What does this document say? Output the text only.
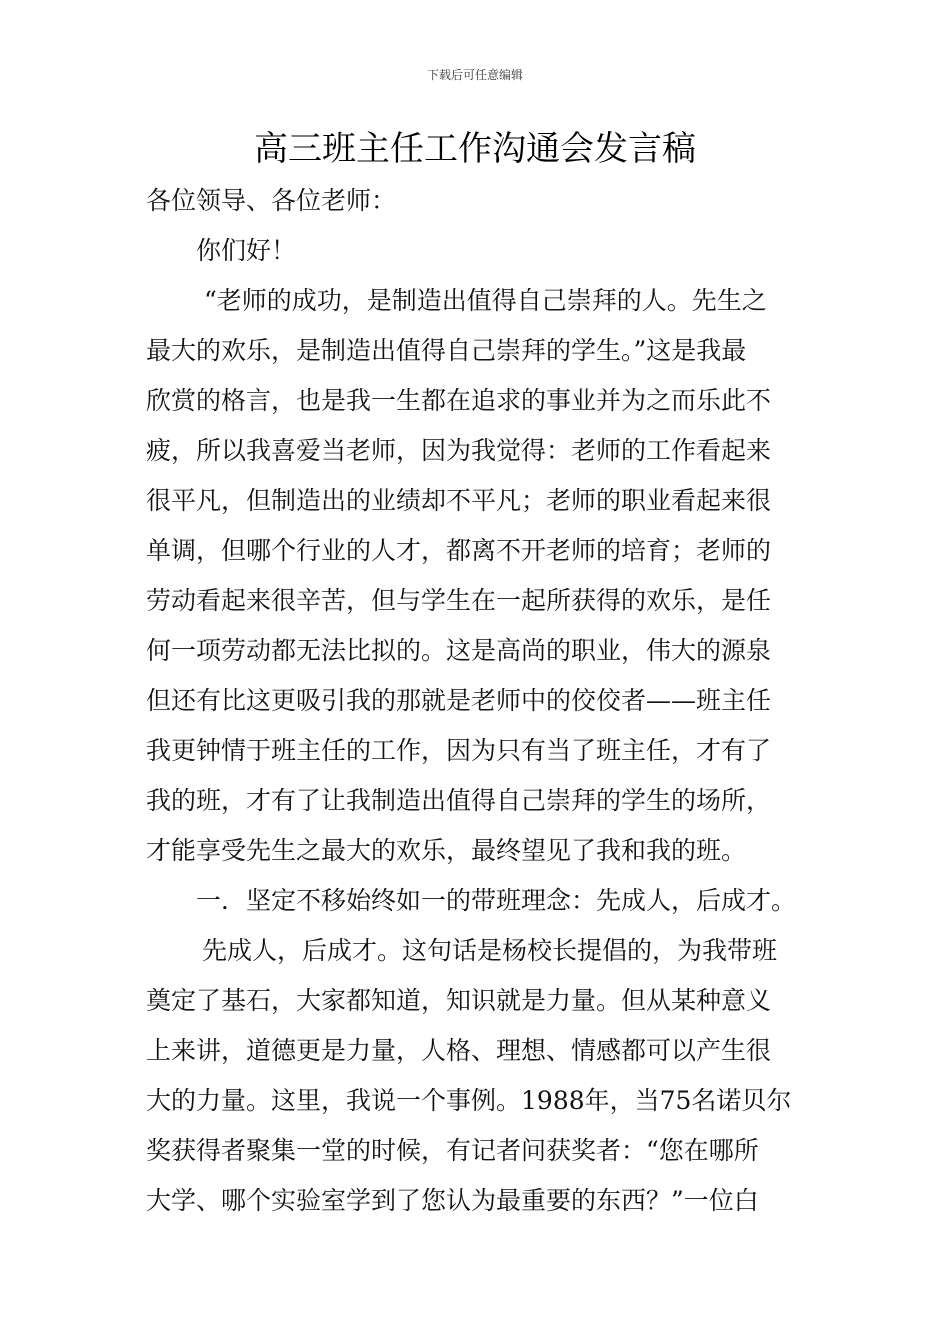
下载后可任意编辑
高三班主任工作沟通会发言稿
各位领导、各位老师：
你们好！
“老师的成功，是制造出值得自己崇拜的人。先生之
最大的欢乐，是制造出值得自己崇拜的学生。”这是我最
欣赏的格言，也是我一生都在追求的事业并为之而乐此不
疲，所以我喜爱当老师，因为我觉得：老师的工作看起来
很平凡，但制造出的业绩却不平凡；老师的职业看起来很
单调，但哪个行业的人才，都离不开老师的培育；老师的
劳动看起来很辛苦，但与学生在一起所获得的欢乐，是任
何一项劳动都无法比拟的。这是高尚的职业，伟大的源泉
但还有比这更吸引我的那就是老师中的佼佼者——班主任
我更钟情于班主任的工作，因为只有当了班主任，才有了
我的班，才有了让我制造出值得自己崇拜的学生的场所，
才能享受先生之最大的欢乐，最终望见了我和我的班。
一．坚定不移始终如一的带班理念：先成人，后成才。
先成人，后成才。这句话是杨校长提倡的，为我带班
奠定了基石，大家都知道，知识就是力量。但从某种意义
上来讲，道德更是力量，人格、理想、情感都可以产生很
大的力量。这里，我说一个事例。1988年，当75名诺贝尔
奖获得者聚集一堂的时候，有记者问获奖者：“您在哪所
大学、哪个实验室学到了您认为最重要的东西？”一位白
